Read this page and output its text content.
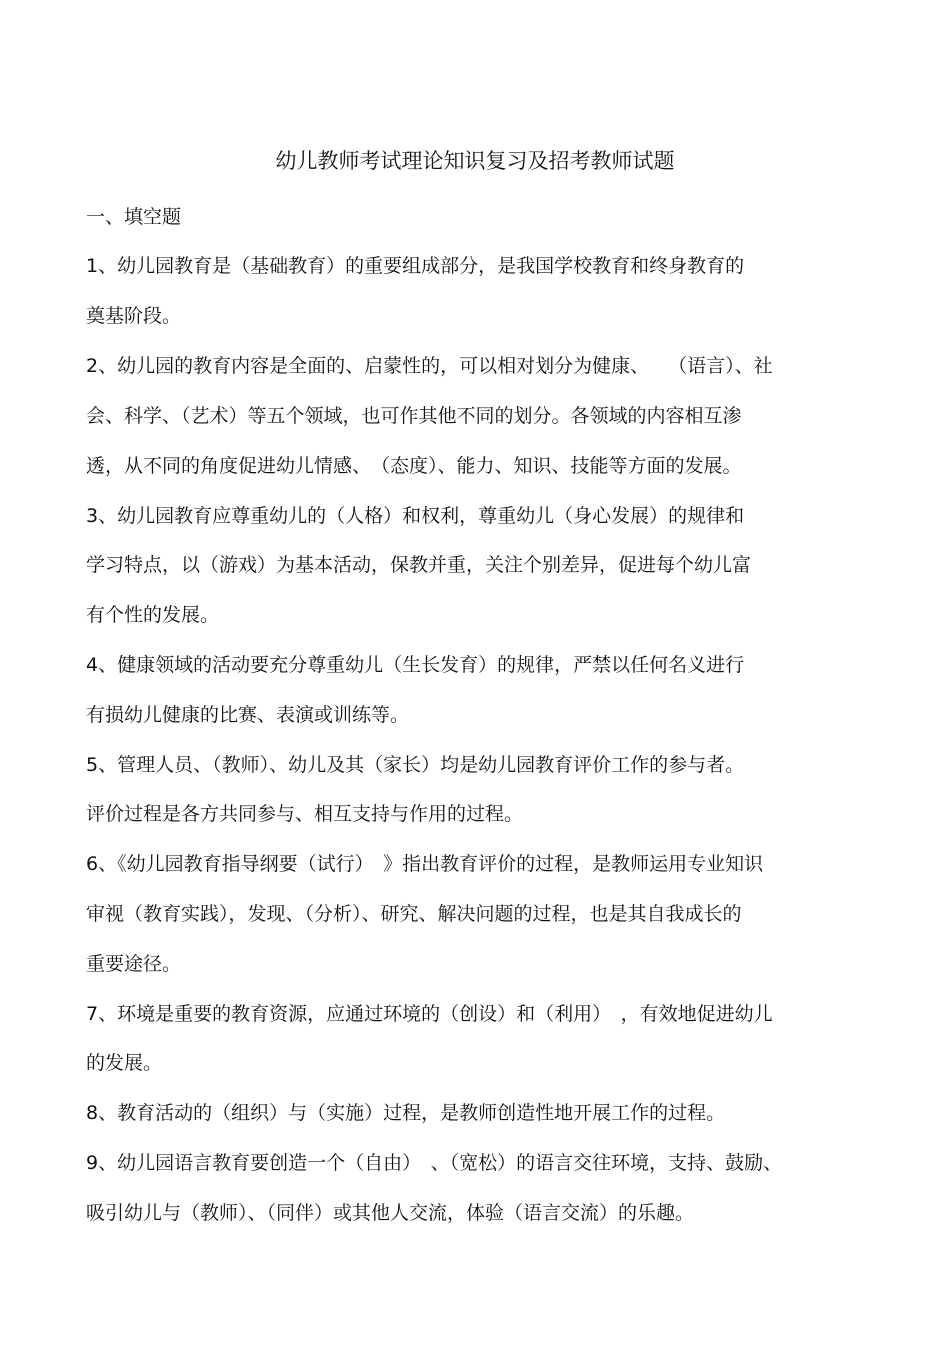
幼儿教师考试理论知识复习及招考教师试题
一、填空题
1、幼儿园教育是（基础教育）的重要组成部分，是我国学校教育和终身教育的
奠基阶段。
2、幼儿园的教育内容是全面的、启蒙性的，可以相对划分为健康、　　（语言）、社
会、科学、（艺术）等五个领域，也可作其他不同的划分。各领域的内容相互渗
透，从不同的角度促进幼儿情感、　（态度）、能力、知识、技能等方面的发展。
3、幼儿园教育应尊重幼儿的（人格）和权利，尊重幼儿（身心发展）的规律和
学习特点，以（游戏）为基本活动，保教并重，关注个别差异，促进每个幼儿富
有个性的发展。
4、健康领域的活动要充分尊重幼儿（生长发育）的规律，严禁以任何名义进行
有损幼儿健康的比赛、表演或训练等。
5、管理人员、（教师）、幼儿及其（家长）均是幼儿园教育评价工作的参与者。
评价过程是各方共同参与、相互支持与作用的过程。
6、《幼儿园教育指导纲要（试行）　》指出教育评价的过程，是教师运用专业知识
审视（教育实践），发现、（分析）、研究、解决问题的过程，也是其自我成长的
重要途径。
7、环境是重要的教育资源，应通过环境的（创设）和（利用）　，有效地促进幼儿
的发展。
8、教育活动的（组织）与（实施）过程，是教师创造性地开展工作的过程。
9、幼儿园语言教育要创造一个（自由）　、（宽松）的语言交往环境，支持、鼓励、
吸引幼儿与（教师）、（同伴）或其他人交流，体验（语言交流）的乐趣。
